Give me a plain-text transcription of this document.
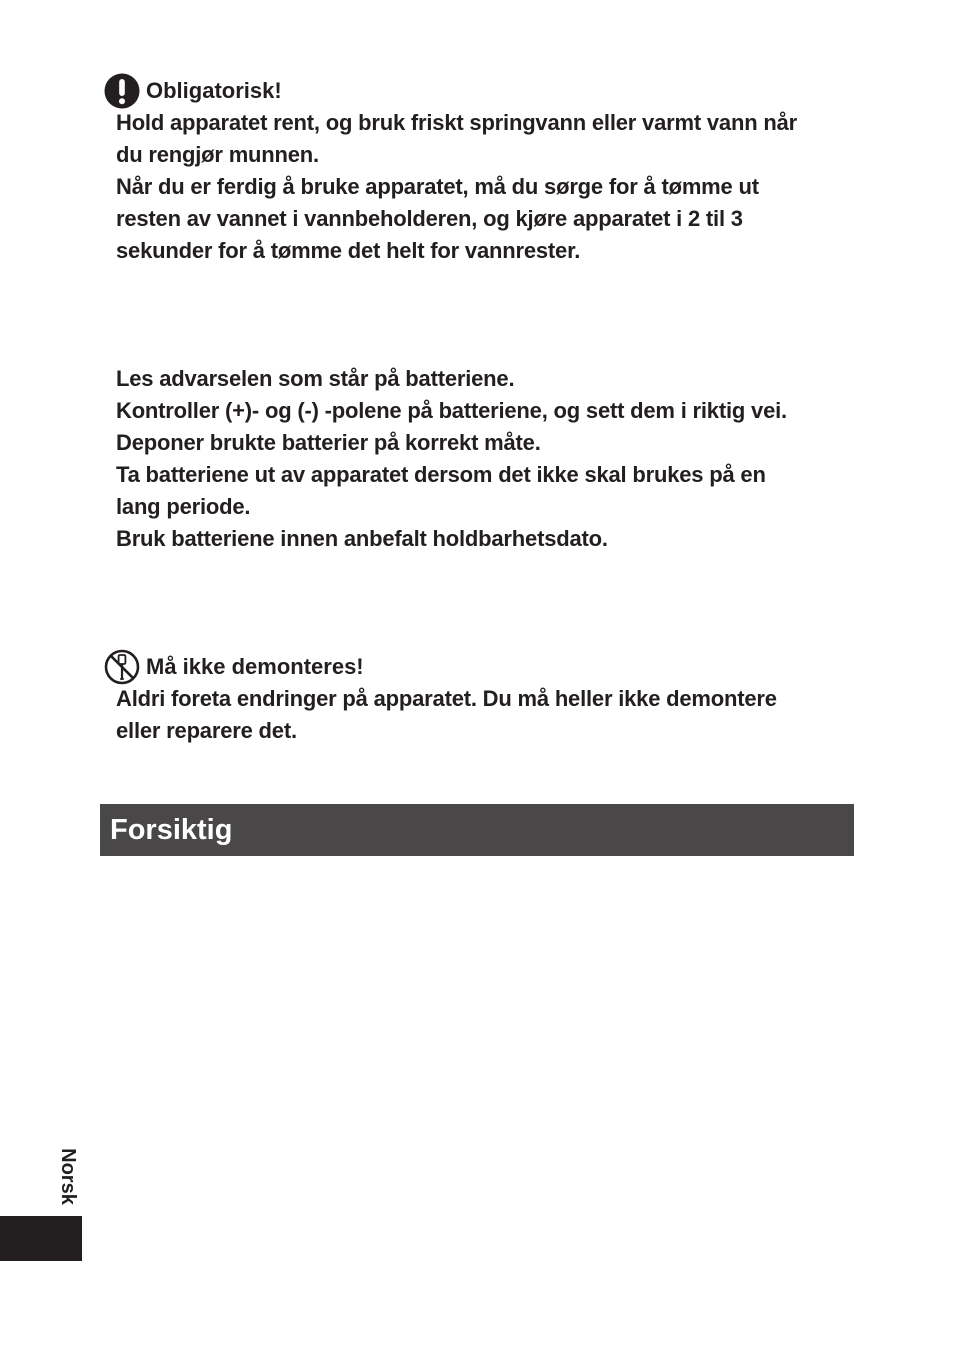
Obligatorisk!
Hold apparatet rent, og bruk friskt springvann eller varmt vann når
du rengjør munnen.
Når du er ferdig å bruke apparatet, må du sørge for å tømme ut
resten av vannet i vannbeholderen, og kjøre apparatet i 2 til 3
sekunder for å tømme det helt for vannrester.
Les advarselen som står på batteriene.
Kontroller (+)- og (-) -polene på batteriene, og sett dem i riktig vei.
Deponer brukte batterier på korrekt måte.
Ta batteriene ut av apparatet dersom det ikke skal brukes på en
lang periode.
Bruk batteriene innen anbefalt holdbarhetsdato.
Må ikke demonteres!
Aldri foreta endringer på apparatet. Du må heller ikke demontere
eller reparere det.
Forsiktig
Norsk
